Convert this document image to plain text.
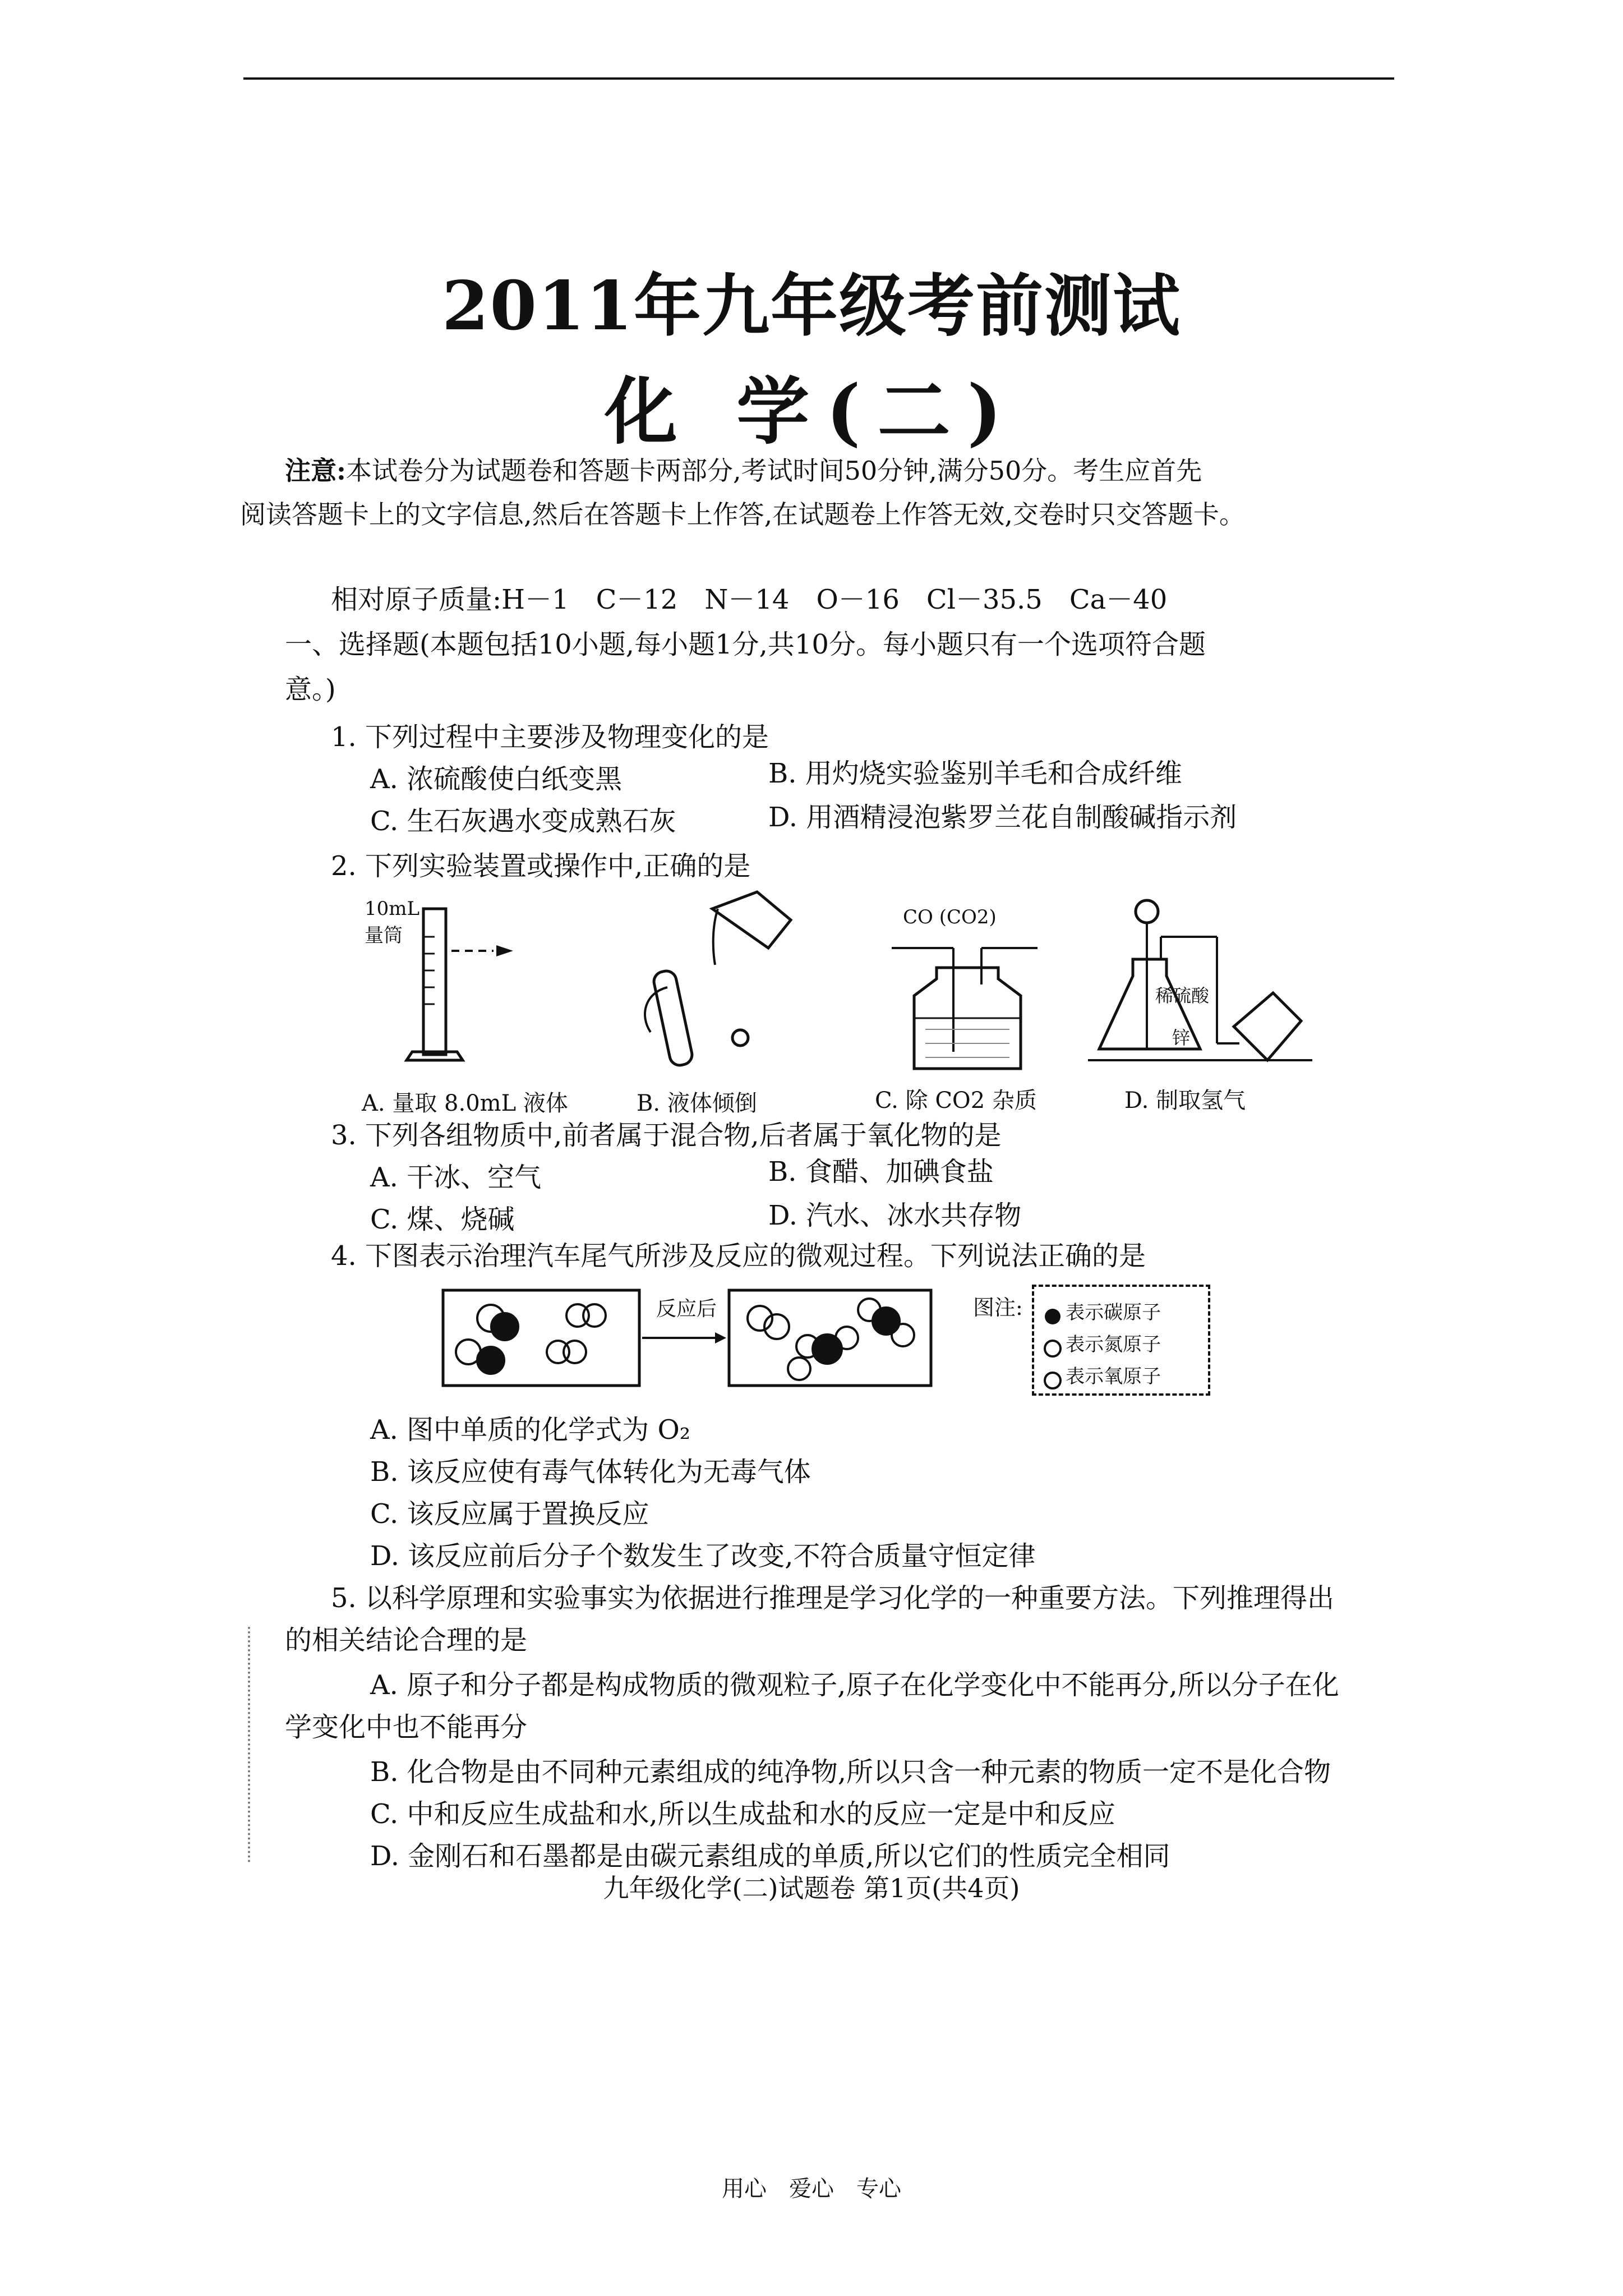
2011年九年级考前测试
化 学(二)
注意:本试卷分为试题卷和答题卡两部分,考试时间50分钟,满分50分。考生应首先
阅读答题卡上的文字信息,然后在答题卡上作答,在试题卷上作答无效,交卷时只交答题卡。
相对原子质量:H－1　C－12　N－14　O－16　Cl－35.5　Ca－40
一、选择题(本题包括10小题,每小题1分,共10分。每小题只有一个选项符合题
意。)
1. 下列过程中主要涉及物理变化的是
A. 浓硫酸使白纸变黑	B. 用灼烧实验鉴别羊毛和合成纤维
C. 生石灰遇水变成熟石灰	D. 用酒精浸泡紫罗兰花自制酸碱指示剂
2. 下列实验装置或操作中,正确的是
10mL
量筒
CO (CO2)
稀硫酸
锌
A. 量取 8.0mL 液体	B. 液体倾倒	C. 除 CO2 杂质	D. 制取氢气
3. 下列各组物质中,前者属于混合物,后者属于氧化物的是
A. 干冰、空气	B. 食醋、加碘食盐
C. 煤、烧碱	D. 汽水、冰水共存物
4. 下图表示治理汽车尾气所涉及反应的微观过程。下列说法正确的是
反应后	图注:	表示碳原子
表示氮原子
表示氧原子
A. 图中单质的化学式为 O₂
B. 该反应使有毒气体转化为无毒气体
C. 该反应属于置换反应
D. 该反应前后分子个数发生了改变,不符合质量守恒定律
5. 以科学原理和实验事实为依据进行推理是学习化学的一种重要方法。下列推理得出
的相关结论合理的是
A. 原子和分子都是构成物质的微观粒子,原子在化学变化中不能再分,所以分子在化
学变化中也不能再分
B. 化合物是由不同种元素组成的纯净物,所以只含一种元素的物质一定不是化合物
C. 中和反应生成盐和水,所以生成盐和水的反应一定是中和反应
D. 金刚石和石墨都是由碳元素组成的单质,所以它们的性质完全相同
九年级化学(二)试题卷 第1页(共4页)
用心　爱心　专心
